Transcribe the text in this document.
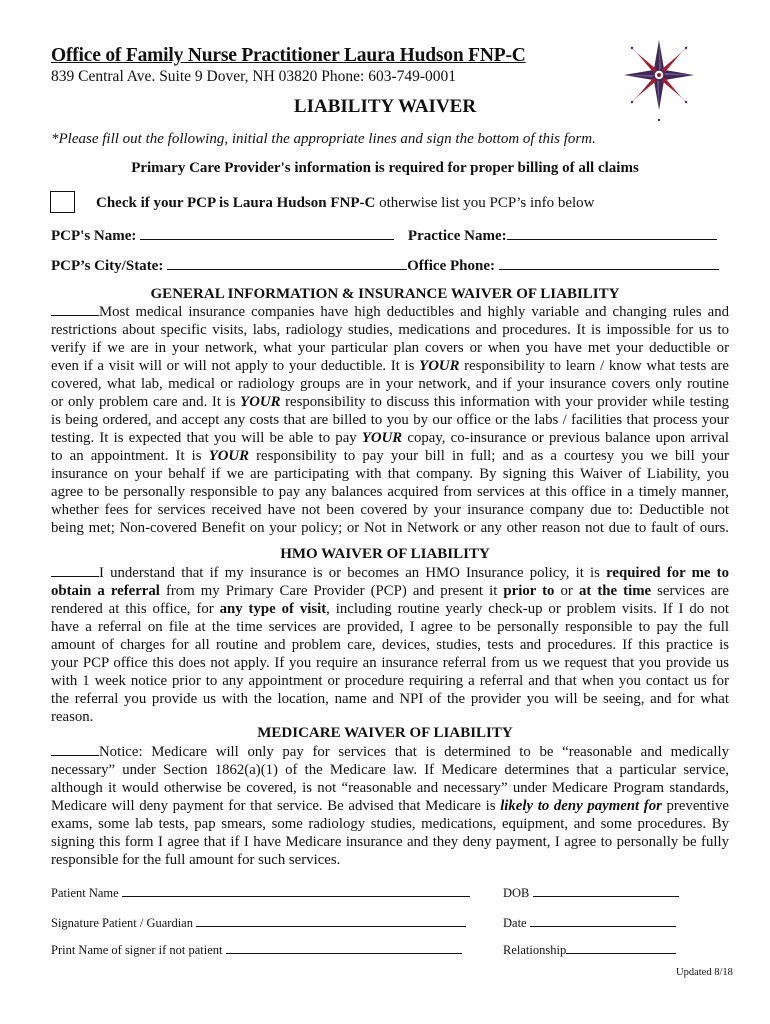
Office of Family Nurse Practitioner Laura Hudson FNP-C
839 Central Ave. Suite 9 Dover, NH 03820 Phone: 603-749-0001
LIABILITY WAIVER
*Please fill out the following, initial the appropriate lines and sign the bottom of this form.
Primary Care Provider's information is required for proper billing of all claims
Check if your PCP is Laura Hudson FNP-C otherwise list you PCP’s info below
PCP's Name:	Practice Name:
PCP’s City/State:	Office Phone:
GENERAL INFORMATION & INSURANCE WAIVER OF LIABILITY
Most medical insurance companies have high deductibles and highly variable and changing rules and
restrictions about specific visits, labs, radiology studies, medications and procedures. It is impossible for us to
verify if we are in your network, what your particular plan covers or when you have met your deductible or
even if a visit will or will not apply to your deductible. It is YOUR responsibility to learn / know what tests are
covered, what lab, medical or radiology groups are in your network, and if your insurance covers only routine
or only problem care and. It is YOUR responsibility to discuss this information with your provider while testing
is being ordered, and accept any costs that are billed to you by our office or the labs / facilities that process your
testing. It is expected that you will be able to pay YOUR copay, co-insurance or previous balance upon arrival
to an appointment. It is YOUR responsibility to pay your bill in full; and as a courtesy you we bill your
insurance on your behalf if we are participating with that company. By signing this Waiver of Liability, you
agree to be personally responsible to pay any balances acquired from services at this office in a timely manner,
whether fees for services received have not been covered by your insurance company due to: Deductible not
being met; Non-covered Benefit on your policy; or Not in Network or any other reason not due to fault of ours.
HMO WAIVER OF LIABILITY
I understand that if my insurance is or becomes an HMO Insurance policy, it is required for me to
obtain a referral from my Primary Care Provider (PCP) and present it prior to or at the time services are
rendered at this office, for any type of visit, including routine yearly check-up or problem visits. If I do not
have a referral on file at the time services are provided, I agree to be personally responsible to pay the full
amount of charges for all routine and problem care, devices, studies, tests and procedures. If this practice is
your PCP office this does not apply. If you require an insurance referral from us we request that you provide us
with 1 week notice prior to any appointment or procedure requiring a referral and that when you contact us for
the referral you provide us with the location, name and NPI of the provider you will be seeing, and for what
reason.
MEDICARE WAIVER OF LIABILITY
Notice: Medicare will only pay for services that is determined to be “reasonable and medically
necessary” under Section 1862(a)(1) of the Medicare law. If Medicare determines that a particular service,
although it would otherwise be covered, is not “reasonable and necessary” under Medicare Program standards,
Medicare will deny payment for that service. Be advised that Medicare is likely to deny payment for preventive
exams, some lab tests, pap smears, some radiology studies, medications, equipment, and some procedures. By
signing this form I agree that if I have Medicare insurance and they deny payment, I agree to personally be fully
responsible for the full amount for such services.
Patient Name	DOB
Signature Patient / Guardian	Date
Print Name of signer if not patient	Relationship
Updated 8/18
